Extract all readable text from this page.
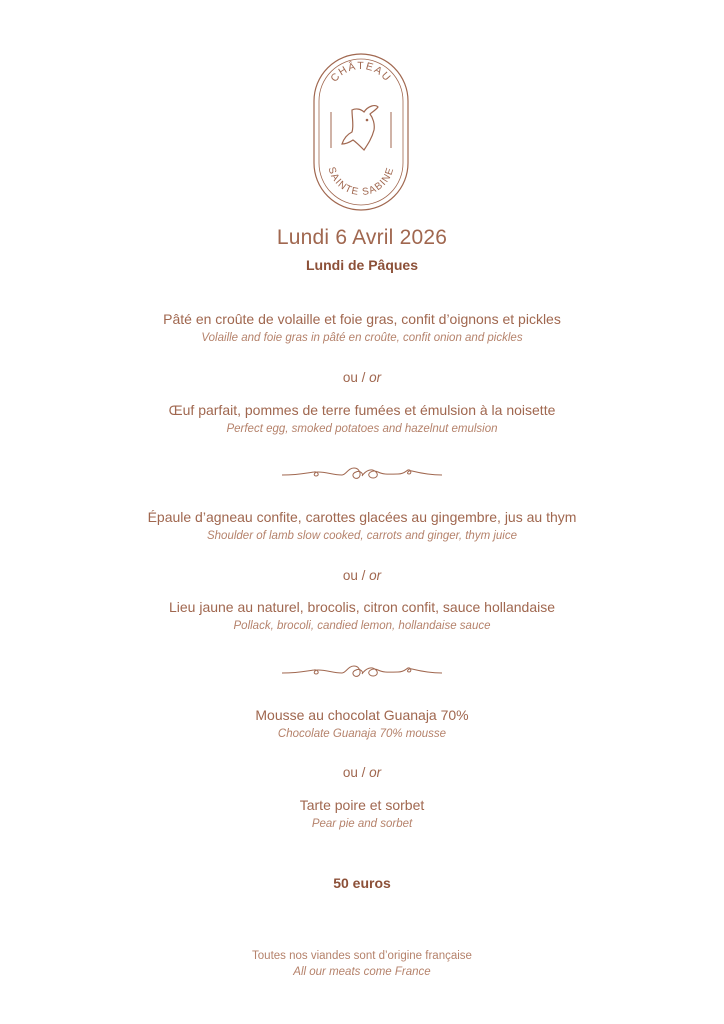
CHÂTEAU
SAINTE SABINE
Lundi 6 Avril 2026
Lundi de Pâques
Pâté en croûte de volaille et foie gras, confit d’oignons et pickles
Volaille and foie gras in pâté en croûte, confit onion and pickles
ou / or
Œuf parfait, pommes de terre fumées et émulsion à la noisette
Perfect egg, smoked potatoes and hazelnut emulsion
Épaule d’agneau confite, carottes glacées au gingembre, jus au thym
Shoulder of lamb slow cooked, carrots and ginger, thym juice
ou / or
Lieu jaune au naturel, brocolis, citron confit, sauce hollandaise
Pollack, brocoli, candied lemon, hollandaise sauce
Mousse au chocolat Guanaja 70%
Chocolate Guanaja 70% mousse
ou / or
Tarte poire et sorbet
Pear pie and sorbet
50 euros
Toutes nos viandes sont d’origine française
All our meats come France
